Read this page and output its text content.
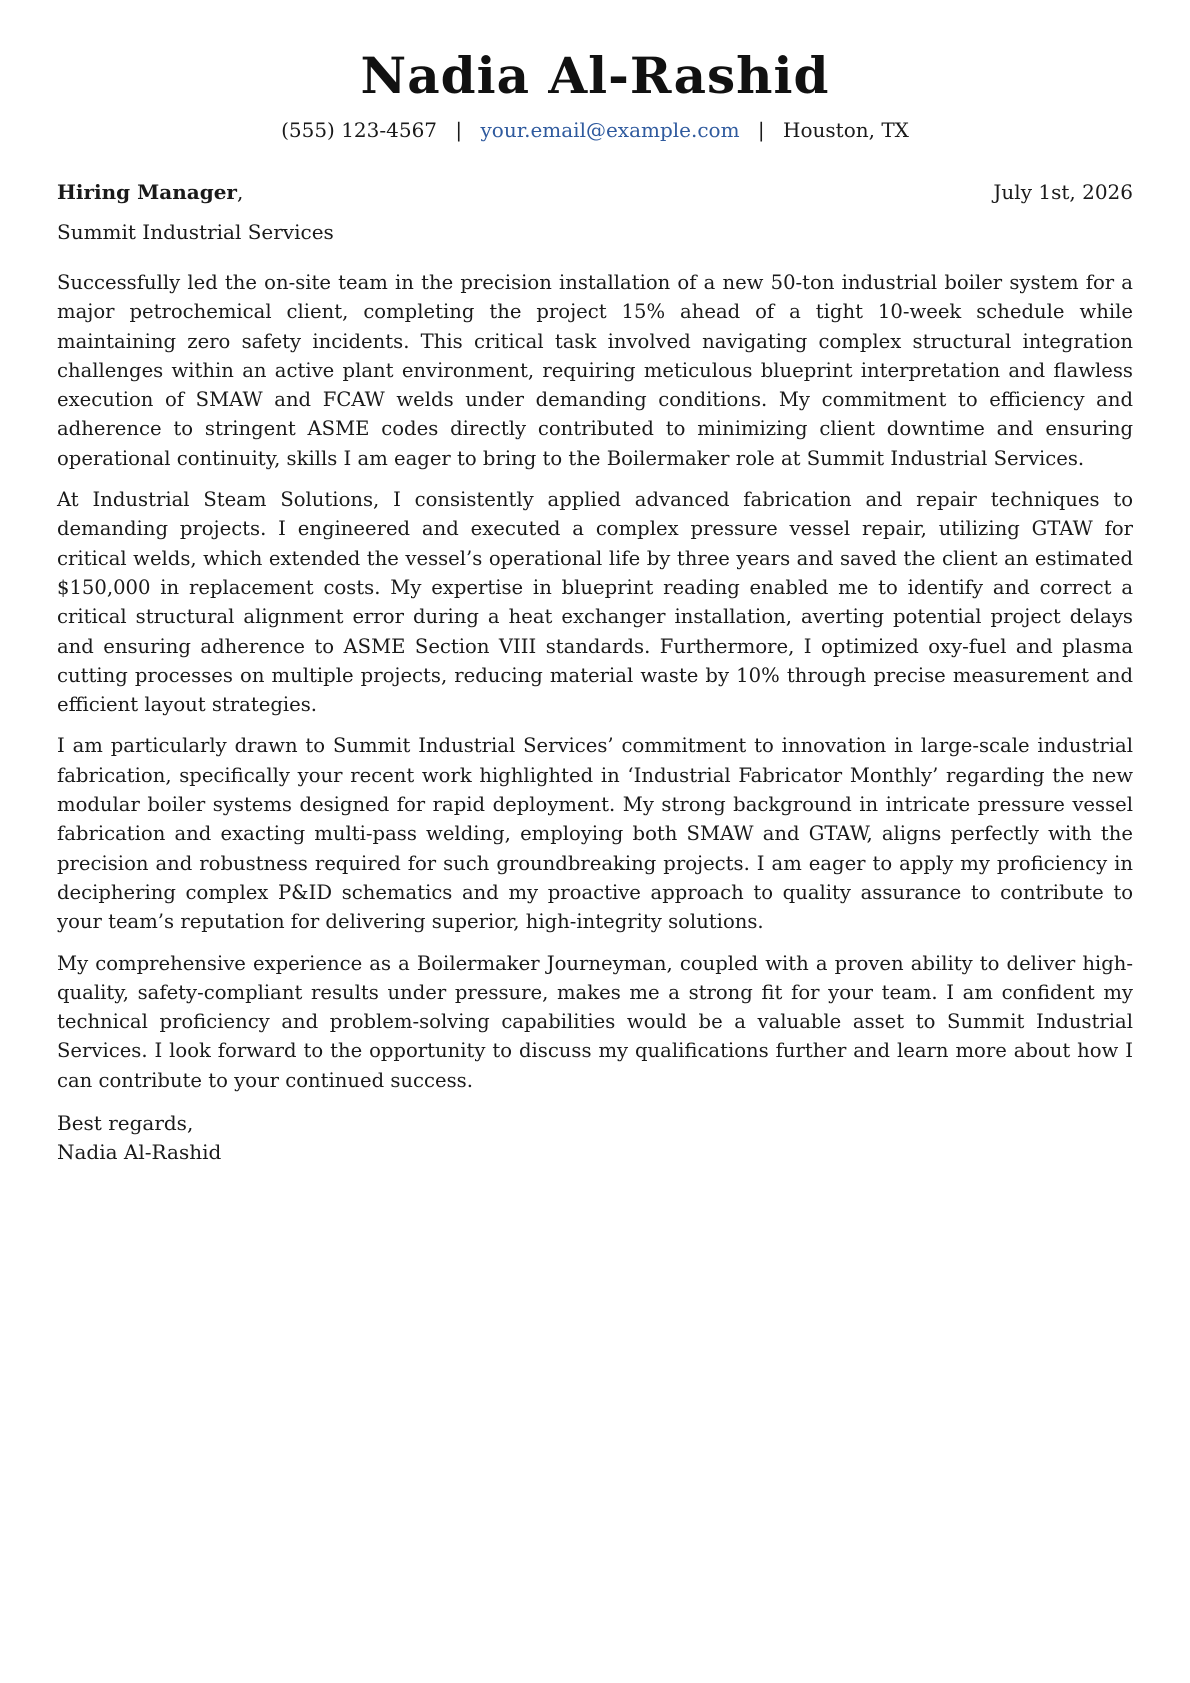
Nadia Al-Rashid
(555) 123-4567 | your.email@example.com | Houston, TX
Hiring Manager,	July 1st, 2026
Summit Industrial Services

Successfully led the on-site team in the precision installation of a new 50-ton industrial boiler system for a major petrochemical client, completing the project 15% ahead of a tight 10-week schedule while maintaining zero safety incidents. This critical task involved navigating complex structural integration challenges within an active plant environment, requiring meticulous blueprint interpretation and flawless execution of SMAW and FCAW welds under demanding conditions. My commitment to efficiency and adherence to stringent ASME codes directly contributed to minimizing client downtime and ensuring operational continuity, skills I am eager to bring to the Boilermaker role at Summit Industrial Services.

At Industrial Steam Solutions, I consistently applied advanced fabrication and repair techniques to demanding projects. I engineered and executed a complex pressure vessel repair, utilizing GTAW for critical welds, which extended the vessel’s operational life by three years and saved the client an estimated $150,000 in replacement costs. My expertise in blueprint reading enabled me to identify and correct a critical structural alignment error during a heat exchanger installation, averting potential project delays and ensuring adherence to ASME Section VIII standards. Furthermore, I optimized oxy-fuel and plasma cutting processes on multiple projects, reducing material waste by 10% through precise measurement and efficient layout strategies.

I am particularly drawn to Summit Industrial Services’ commitment to innovation in large-scale industrial fabrication, specifically your recent work highlighted in ‘Industrial Fabricator Monthly’ regarding the new modular boiler systems designed for rapid deployment. My strong background in intricate pressure vessel fabrication and exacting multi-pass welding, employing both SMAW and GTAW, aligns perfectly with the precision and robustness required for such groundbreaking projects. I am eager to apply my proficiency in deciphering complex P&ID schematics and my proactive approach to quality assurance to contribute to your team’s reputation for delivering superior, high-integrity solutions.

My comprehensive experience as a Boilermaker Journeyman, coupled with a proven ability to deliver high-quality, safety-compliant results under pressure, makes me a strong fit for your team. I am confident my technical proficiency and problem-solving capabilities would be a valuable asset to Summit Industrial Services. I look forward to the opportunity to discuss my qualifications further and learn more about how I can contribute to your continued success.

Best regards,
Nadia Al-Rashid
